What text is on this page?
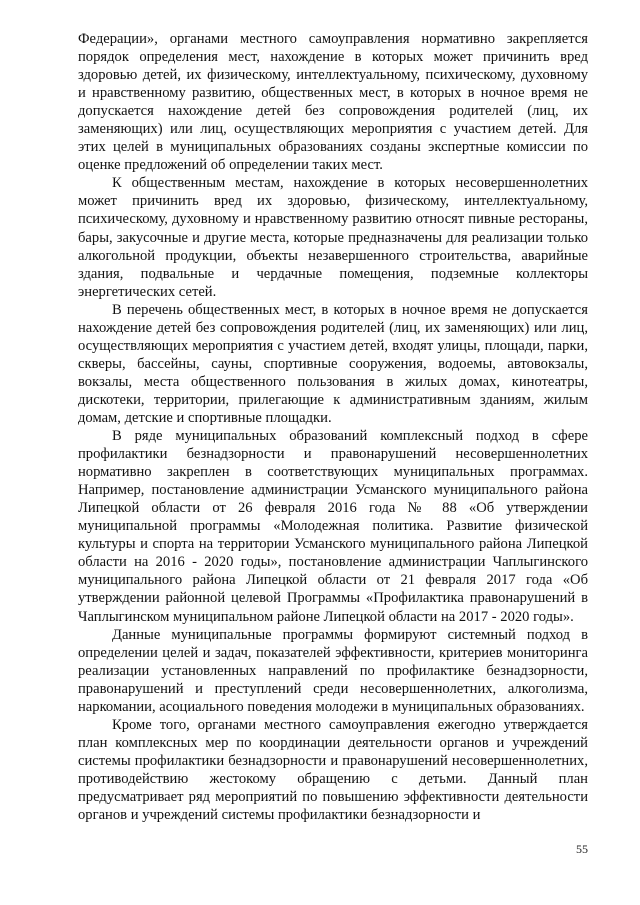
Федерации», органами местного самоуправления нормативно закрепляется порядок определения мест, нахождение в которых может причинить вред здоровью детей, их физическому, интеллектуальному, психическому, духовному и нравственному развитию, общественных мест, в которых в ночное время не допускается нахождение детей без сопровождения родителей (лиц, их заменяющих) или лиц, осуществляющих мероприятия с участием детей. Для этих целей в муниципальных образованиях созданы экспертные комиссии по оценке предложений об определении таких мест.

К общественным местам, нахождение в которых несовершеннолетних может причинить вред их здоровью, физическому, интеллектуальному, психическому, духовному и нравственному развитию относят пивные рестораны, бары, закусочные и другие места, которые предназначены для реализации только алкогольной продукции, объекты незавершенного строительства, аварийные здания, подвальные и чердачные помещения, подземные коллекторы энергетических сетей.

В перечень общественных мест, в которых в ночное время не допускается нахождение детей без сопровождения родителей (лиц, их заменяющих) или лиц, осуществляющих мероприятия с участием детей, входят улицы, площади, парки, скверы, бассейны, сауны, спортивные сооружения, водоемы, автовокзалы, вокзалы, места общественного пользования в жилых домах, кинотеатры, дискотеки, территории, прилегающие к административным зданиям, жилым домам, детские и спортивные площадки.

В ряде муниципальных образований комплексный подход в сфере профилактики безнадзорности и правонарушений несовершеннолетних нормативно закреплен в соответствующих муниципальных программах. Например, постановление администрации Усманского муниципального района Липецкой области от 26 февраля 2016 года № 88 «Об утверждении муниципальной программы «Молодежная политика. Развитие физической культуры и спорта на территории Усманского муниципального района Липецкой области на 2016 - 2020 годы», постановление администрации Чаплыгинского муниципального района Липецкой области от 21 февраля 2017 года «Об утверждении районной целевой Программы «Профилактика правонарушений в Чаплыгинском муниципальном районе Липецкой области на 2017 - 2020 годы».

Данные муниципальные программы формируют системный подход в определении целей и задач, показателей эффективности, критериев мониторинга реализации установленных направлений по профилактике безнадзорности, правонарушений и преступлений среди несовершеннолетних, алкоголизма, наркомании, асоциального поведения молодежи в муниципальных образованиях.

Кроме того, органами местного самоуправления ежегодно утверждается план комплексных мер по координации деятельности органов и учреждений системы профилактики безнадзорности и правонарушений несовершеннолетних, противодействию жестокому обращению с детьми. Данный план предусматривает ряд мероприятий по повышению эффективности деятельности органов и учреждений системы профилактики безнадзорности и

55
